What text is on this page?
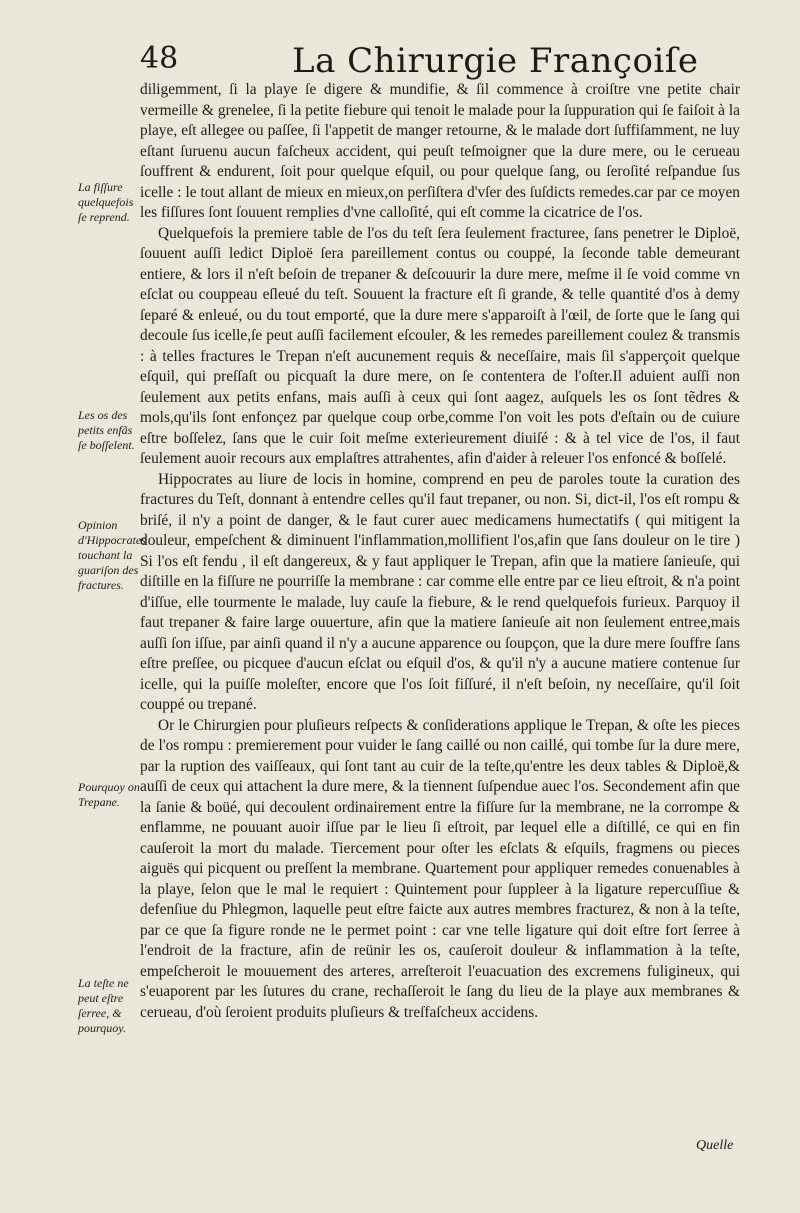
48	La Chirurgie Françoiſe
La fiſſure quelquefois ſe reprend.
Les os des petits enfãs ſe boſſelent.
Opinion d'Hippocrates touchant la guariſon des fractures.
Pourquoy on Trepane.
La teſte ne peut eſtre ſerree, & pourquoy.

diligemment, ſi la playe ſe digere & mundifie, & ſil commence à croiſtre vne petite chair vermeille & grenelee, ſi la petite fiebure qui tenoit le malade pour la ſuppuration qui ſe faiſoit à la playe, eſt allegee ou paſſee, ſi l'appetit de manger retourne, & le malade dort ſuffiſamment, ne luy eſtant ſuruenu aucun faſcheux accident, qui peuſt teſmoigner que la dure mere, ou le cerueau ſouffrent & endurent, ſoit pour quelque eſquil, ou pour quelque ſang, ou ſeroſité reſpandue ſus icelle : le tout allant de mieux en mieux,on perſiſtera d'vſer des ſuſdicts remedes.car par ce moyen les fiſſures ſont ſouuent remplies d'vne calloſité, qui eſt comme la cicatrice de l'os.

Quelquefois la premiere table de l'os du teſt ſera ſeulement fracturee, ſans penetrer le Diploë, ſouuent auſſi ledict Diploë ſera pareillement contus ou couppé, la ſeconde table demeurant entiere, & lors il n'eſt beſoin de trepaner & deſcouurir la dure mere, meſme il ſe void comme vn eſclat ou couppeau eſleué du teſt. Souuent la fracture eſt ſi grande, & telle quantité d'os à demy ſeparé & enleué, ou du tout emporté, que la dure mere s'apparoiſt à l'œil, de ſorte que le ſang qui decoule ſus icelle,ſe peut auſſi facilement eſcouler, & les remedes pareillement coulez & transmis : à telles fractures le Trepan n'eſt aucunement requis & neceſſaire, mais ſil s'apperçoit quelque eſquil, qui preſſaſt ou picquaſt la dure mere, on ſe contentera de l'oſter.Il aduient auſſi non ſeulement aux petits enfans, mais auſſi à ceux qui ſont aagez, auſquels les os ſont tẽdres & mols,qu'ils ſont enfonçez par quelque coup orbe,comme l'on voit les pots d'eſtain ou de cuiure eſtre boſſelez, ſans que le cuir ſoit meſme exterieurement diuiſé : & à tel vice de l'os, il faut ſeulement auoir recours aux emplaſtres attrahentes, afin d'aider à releuer l'os enfoncé & boſſelé.

Hippocrates au liure de locis in homine, comprend en peu de paroles toute la curation des fractures du Teſt, donnant à entendre celles qu'il faut trepaner, ou non. Si, dict-il, l'os eſt rompu & briſé, il n'y a point de danger, & le faut curer auec medicamens humectatifs ( qui mitigent la douleur, empeſchent & diminuent l'inflammation,mollifient l'os,afin que ſans douleur on le tire ) Si l'os eſt fendu , il eſt dangereux, & y faut appliquer le Trepan, afin que la matiere ſanieuſe, qui diſtille en la fiſſure ne pourriſſe la membrane : car comme elle entre par ce lieu eſtroit, & n'a point d'iſſue, elle tourmente le malade, luy cauſe la fiebure, & le rend quelquefois furieux. Parquoy il faut trepaner & faire large ouuerture, afin que la matiere ſanieuſe ait non ſeulement entree,mais auſſi ſon iſſue, par ainſi quand il n'y a aucune apparence ou ſoupçon, que la dure mere ſouffre ſans eſtre preſſee, ou picquee d'aucun eſclat ou eſquil d'os, & qu'il n'y a aucune matiere contenue ſur icelle, qui la puiſſe moleſter, encore que l'os ſoit fiſſuré, il n'eſt beſoin, ny neceſſaire, qu'il ſoit couppé ou trepané.

Or le Chirurgien pour pluſieurs reſpects & conſiderations applique le Trepan, & oſte les pieces de l'os rompu : premierement pour vuider le ſang caillé ou non caillé, qui tombe ſur la dure mere, par la ruption des vaiſſeaux, qui ſont tant au cuir de la teſte,qu'entre les deux tables & Diploë,& auſſi de ceux qui attachent la dure mere, & la tiennent ſuſpendue auec l'os. Secondement afin que la ſanie & boüé, qui decoulent ordinairement entre la fiſſure ſur la membrane, ne la corrompe & enflamme, ne pouuant auoir iſſue par le lieu ſi eſtroit, par lequel elle a diſtillé, ce qui en fin cauſeroit la mort du malade. Tiercement pour oſter les eſclats & eſquils, fragmens ou pieces aiguës qui picquent ou preſſent la membrane. Quartement pour appliquer remedes conuenables à la playe, ſelon que le mal le requiert : Quintement pour ſuppleer à la ligature repercuſſiue & defenſiue du Phlegmon, laquelle peut eſtre faicte aux autres membres fracturez, & non à la teſte, par ce que ſa figure ronde ne le permet point : car vne telle ligature qui doit eſtre fort ſerree à l'endroit de la fracture, afin de reünir les os, cauſeroit douleur & inflammation à la teſte, empeſcheroit le mouuement des arteres, arreſteroit l'euacuation des excremens fuligineux, qui s'euaporent par les ſutures du crane, rechaſſeroit le ſang du lieu de la playe aux membranes & cerueau, d'où ſeroient produits pluſieurs & treſfaſcheux accidens.

Quelle
